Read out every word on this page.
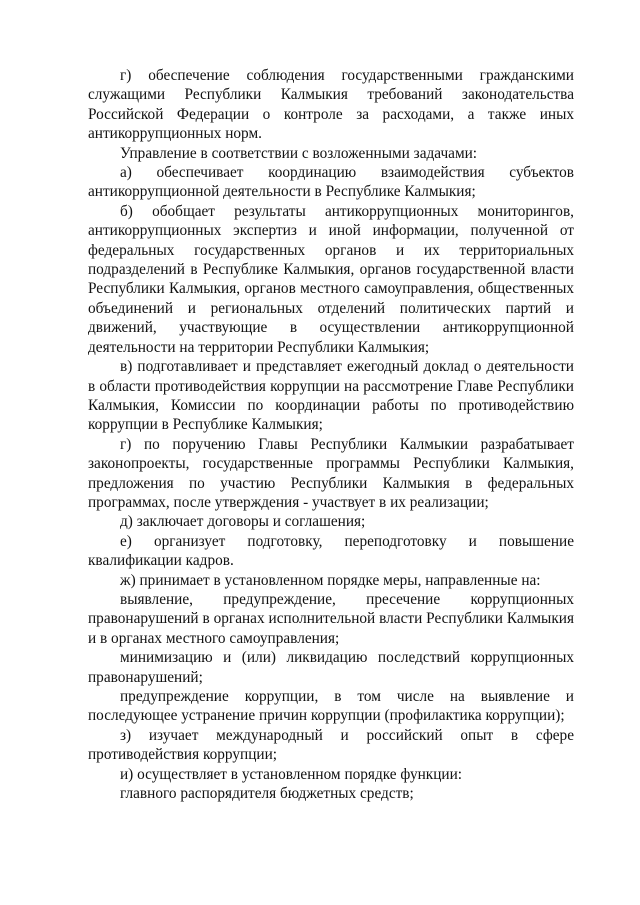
г) обеспечение соблюдения государственными гражданскими служащими Республики Калмыкия требований законодательства Российской Федерации о контроле за расходами, а также иных антикоррупционных норм.

Управление в соответствии с возложенными задачами:

а) обеспечивает координацию взаимодействия субъектов антикоррупционной деятельности в Республике Калмыкия;

б) обобщает результаты антикоррупционных мониторингов, антикоррупционных экспертиз и иной информации, полученной от федеральных государственных органов и их территориальных подразделений в Республике Калмыкия, органов государственной власти Республики Калмыкия, органов местного самоуправления, общественных объединений и региональных отделений политических партий и движений, участвующие в осуществлении антикоррупционной деятельности на территории Республики Калмыкия;

в) подготавливает и представляет ежегодный доклад о деятельности в области противодействия коррупции на рассмотрение Главе Республики Калмыкия, Комиссии по координации работы по противодействию коррупции в Республике Калмыкия;

г) по поручению Главы Республики Калмыкии разрабатывает законопроекты, государственные программы Республики Калмыкия, предложения по участию Республики Калмыкия в федеральных программах, после утверждения - участвует в их реализации;

д) заключает договоры и соглашения;

е) организует подготовку, переподготовку и повышение квалификации кадров.

ж) принимает в установленном порядке меры, направленные на:

выявление, предупреждение, пресечение коррупционных правонарушений в органах исполнительной власти Республики Калмыкия и в органах местного самоуправления;

минимизацию и (или) ликвидацию последствий коррупционных правонарушений;

предупреждение коррупции, в том числе на выявление и последующее устранение причин коррупции (профилактика коррупции);

з) изучает международный и российский опыт в сфере противодействия коррупции;

и) осуществляет в установленном порядке функции:

главного распорядителя бюджетных средств;
